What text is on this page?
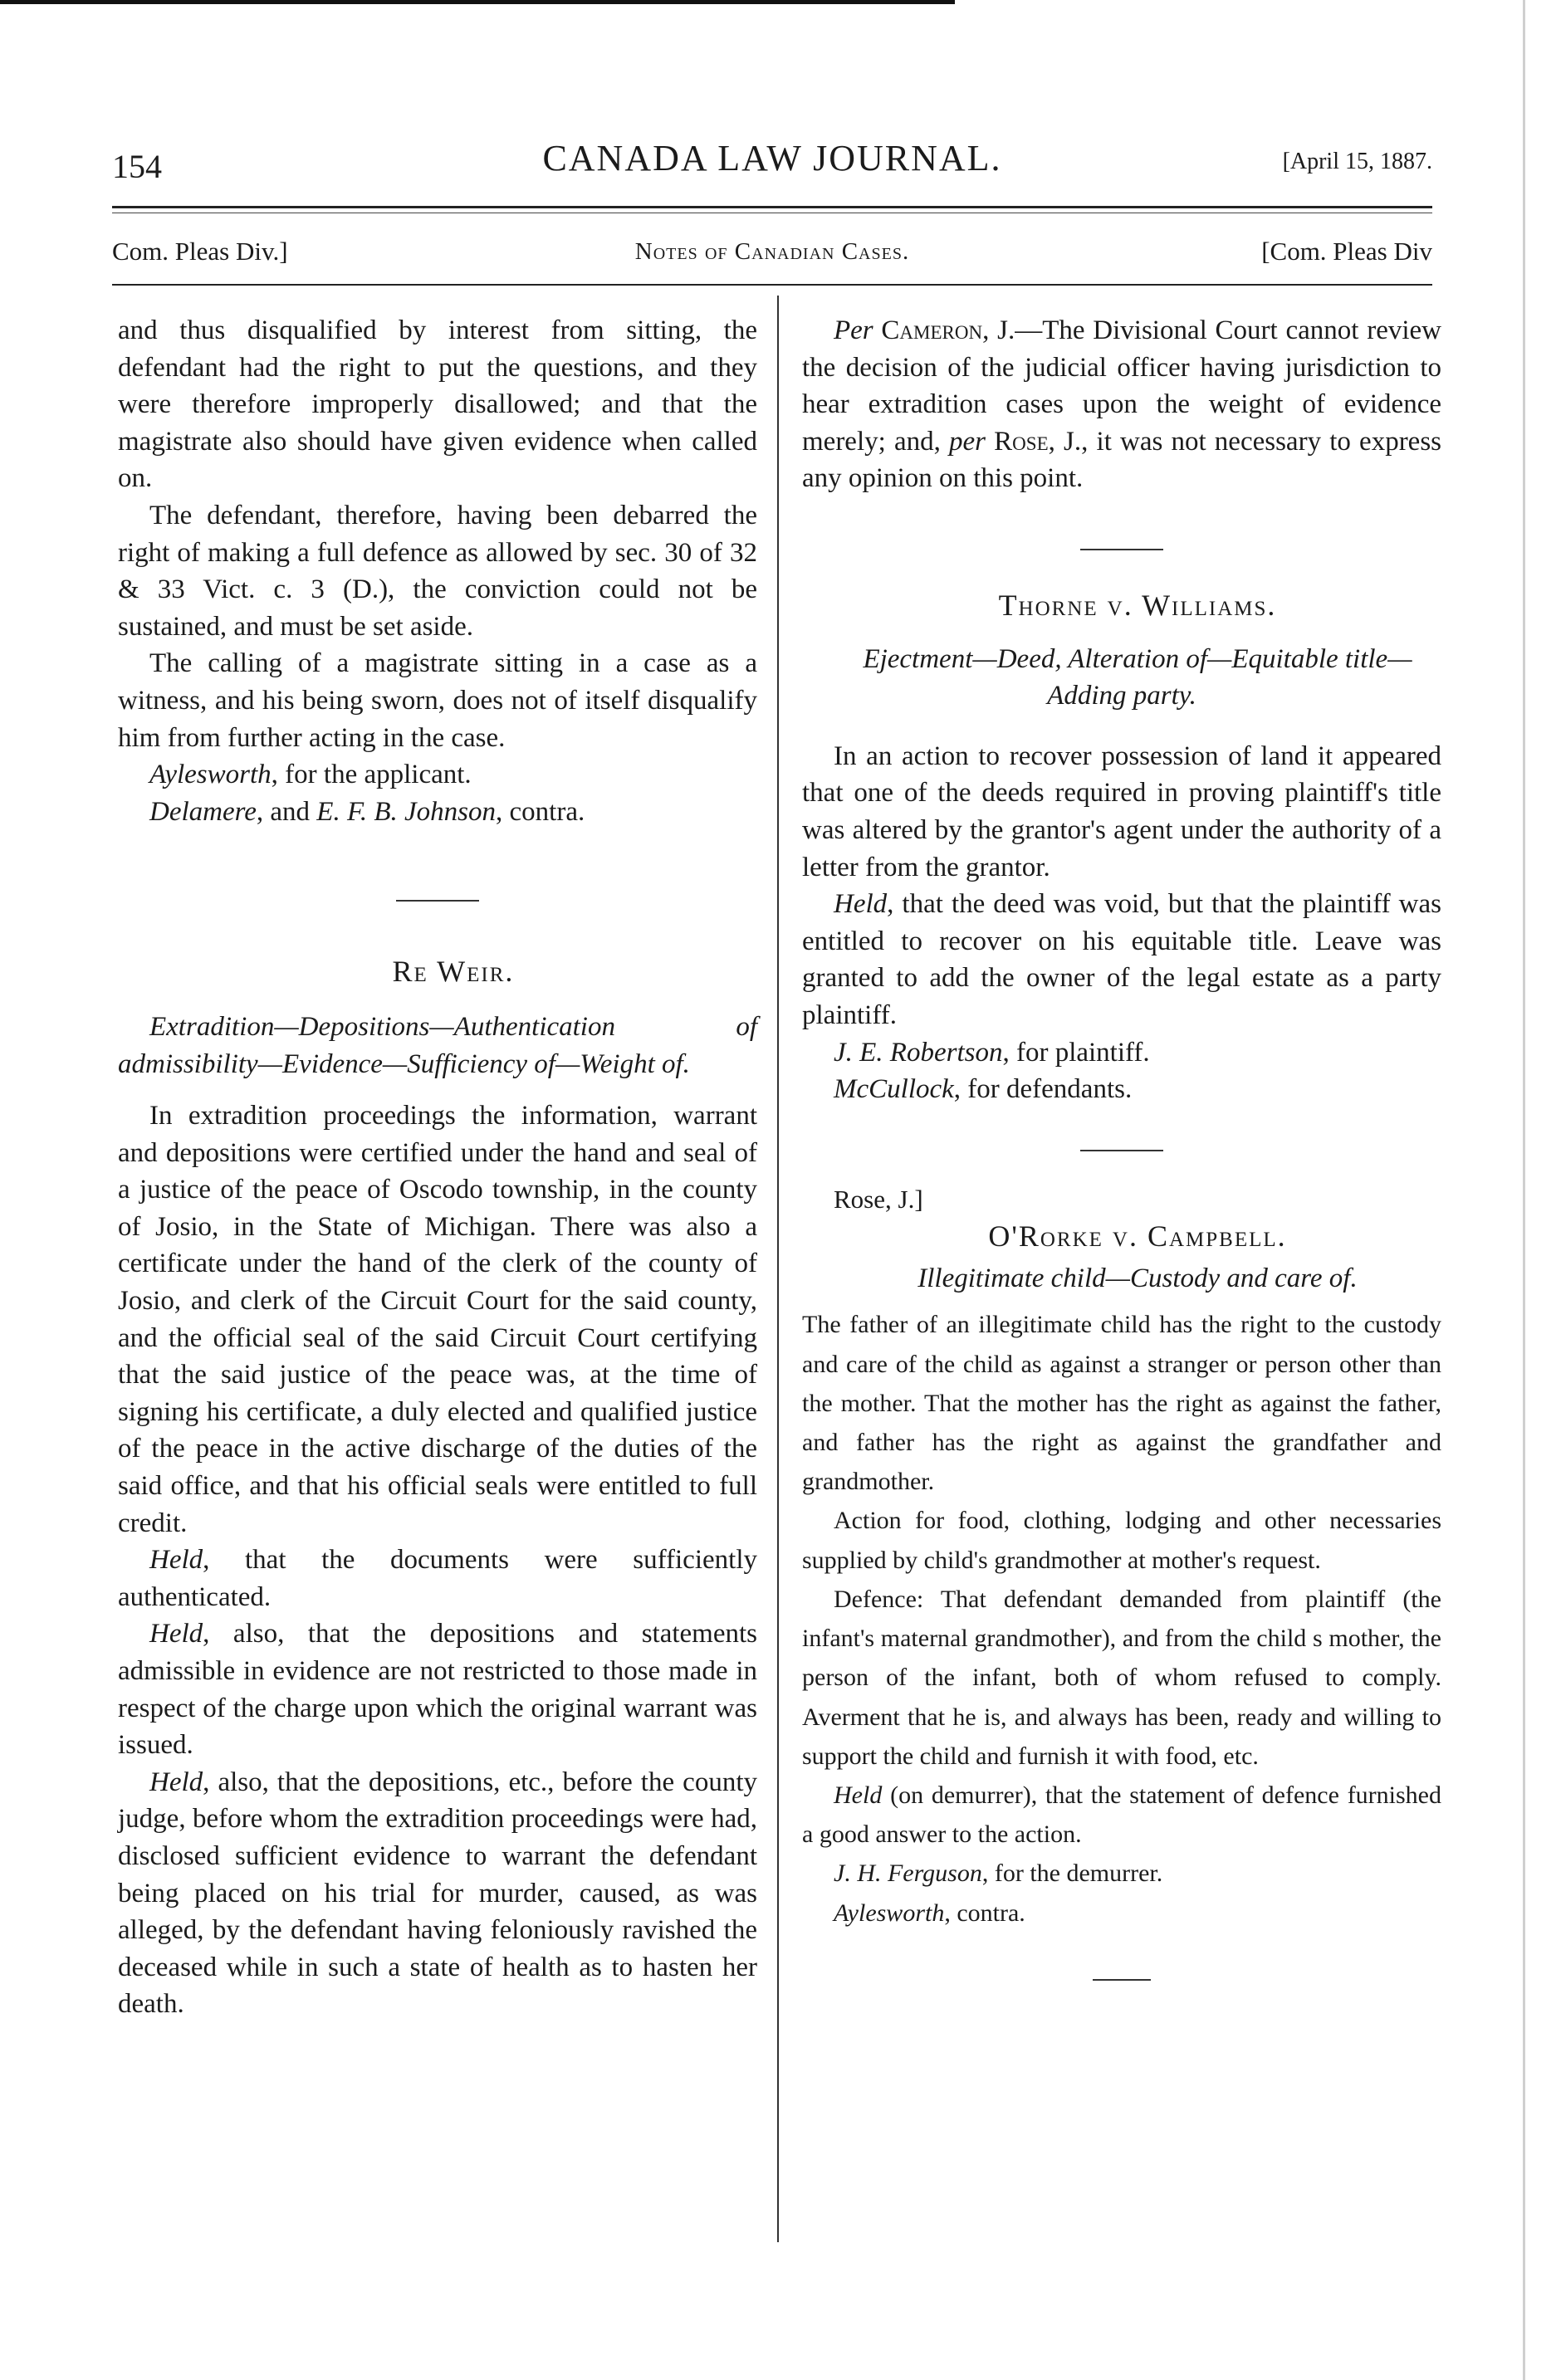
154	CANADA LAW JOURNAL.	[April 15, 1887.
Com. Pleas Div.]	Notes of Canadian Cases.	[Com. Pleas Div

and thus disqualified by interest from sitting, the defendant had the right to put the questions, and they were therefore improperly disallowed; and that the magistrate also should have given evidence when called on.

The defendant, therefore, having been debarred the right of making a full defence as allowed by sec. 30 of 32 & 33 Vict. c. 3 (D.), the conviction could not be sustained, and must be set aside.

The calling of a magistrate sitting in a case as a witness, and his being sworn, does not of itself disqualify him from further acting in the case.

Aylesworth, for the applicant.

Delamere, and E. F. B. Johnson, contra.

Re Weir.

Extradition—Depositions—Authentication of admissibility—Evidence—Sufficiency of—Weight of.

In extradition proceedings the information, warrant and depositions were certified under the hand and seal of a justice of the peace of Oscodo township, in the county of Josio, in the State of Michigan. There was also a certificate under the hand of the clerk of the county of Josio, and clerk of the Circuit Court for the said county, and the official seal of the said Circuit Court certifying that the said justice of the peace was, at the time of signing his certificate, a duly elected and qualified justice of the peace in the active discharge of the duties of the said office, and that his official seals were entitled to full credit.

Held, that the documents were sufficiently authenticated.

Held, also, that the depositions and statements admissible in evidence are not restricted to those made in respect of the charge upon which the original warrant was issued.

Held, also, that the depositions, etc., before the county judge, before whom the extradition proceedings were had, disclosed sufficient evidence to warrant the defendant being placed on his trial for murder, caused, as was alleged, by the defendant having feloniously ravished the deceased while in such a state of health as to hasten her death.

Per Cameron, J.—The Divisional Court cannot review the decision of the judicial officer having jurisdiction to hear extradition cases upon the weight of evidence merely; and, per Rose, J., it was not necessary to express any opinion on this point.

Thorne v. Williams.

Ejectment—Deed, Alteration of—Equitable title—Adding party.

In an action to recover possession of land it appeared that one of the deeds required in proving plaintiff's title was altered by the grantor's agent under the authority of a letter from the grantor.

Held, that the deed was void, but that the plaintiff was entitled to recover on his equitable title. Leave was granted to add the owner of the legal estate as a party plaintiff.

J. E. Robertson, for plaintiff.

McCullock, for defendants.

Rose, J.]

O'Rorke v. Campbell.

Illegitimate child—Custody and care of.

The father of an illegitimate child has the right to the custody and care of the child as against a stranger or person other than the mother. That the mother has the right as against the father, and father has the right as against the grandfather and grandmother.

Action for food, clothing, lodging and other necessaries supplied by child's grandmother at mother's request.

Defence: That defendant demanded from plaintiff (the infant's maternal grandmother), and from the child s mother, the person of the infant, both of whom refused to comply. Averment that he is, and always has been, ready and willing to support the child and furnish it with food, etc.

Held (on demurrer), that the statement of defence furnished a good answer to the action.

J. H. Ferguson, for the demurrer.

Aylesworth, contra.
